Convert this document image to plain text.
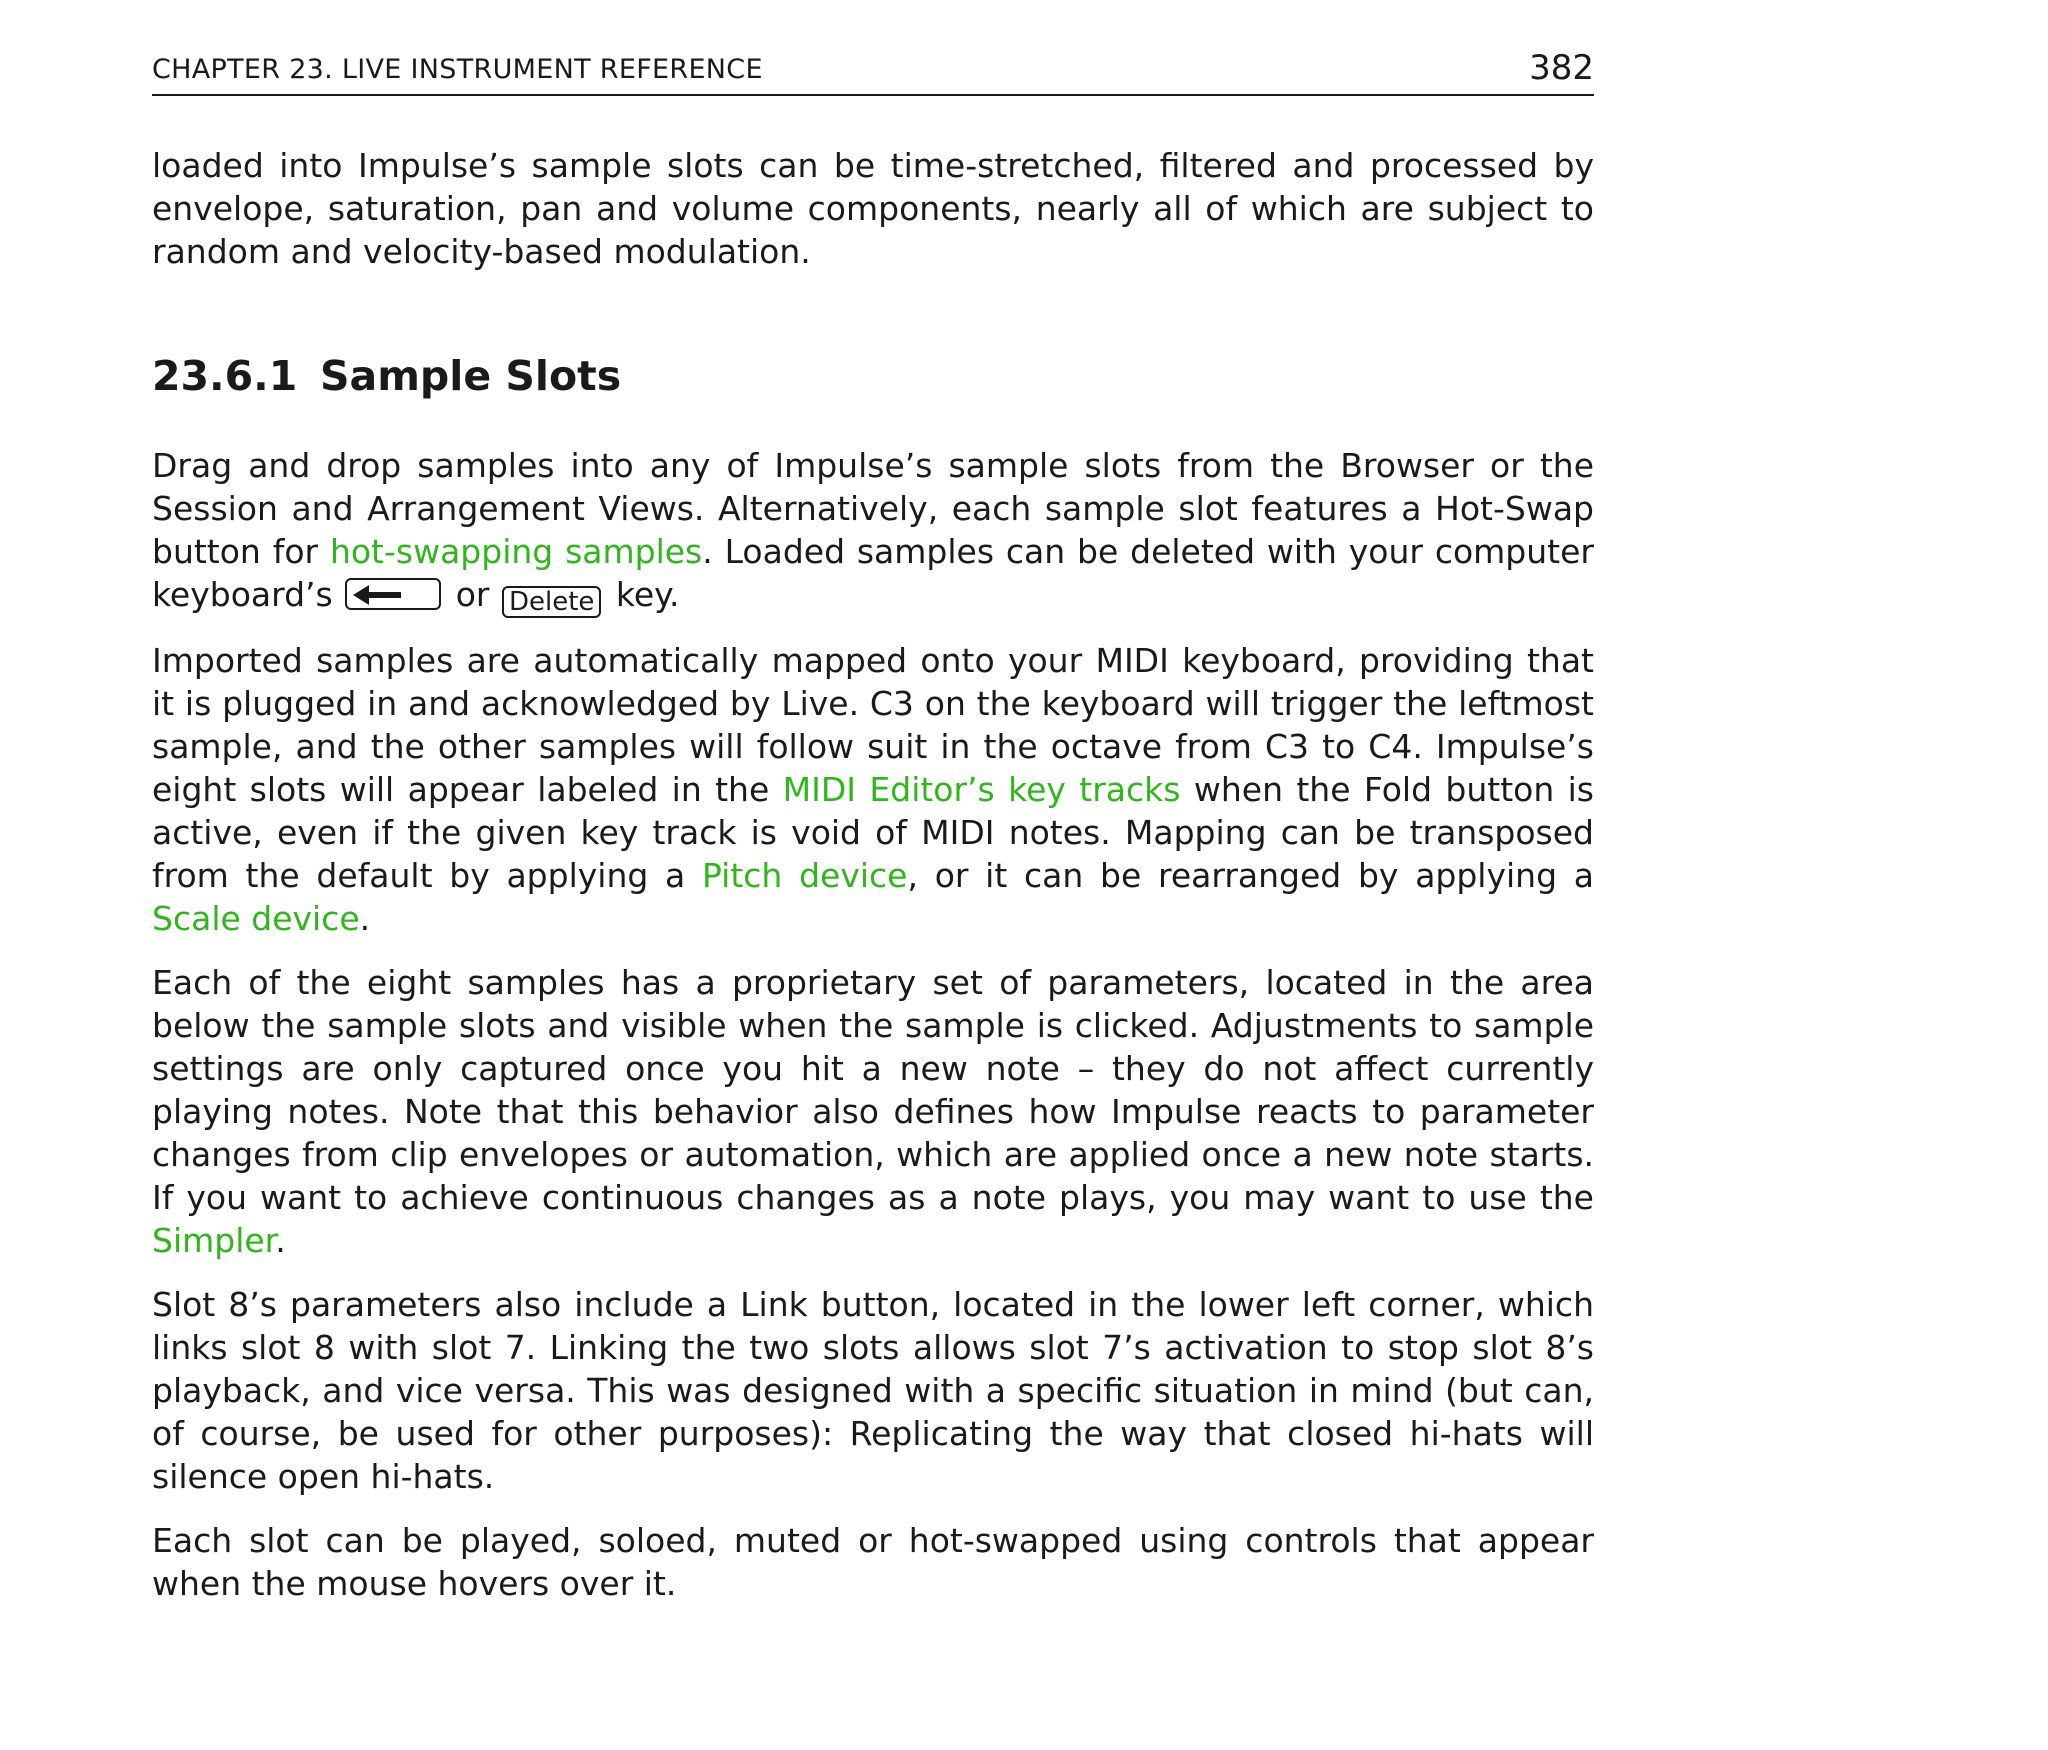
CHAPTER 23. LIVE INSTRUMENT REFERENCE	382

loaded into Impulse’s sample slots can be time-stretched, filtered and processed by envelope, saturation, pan and volume components, nearly all of which are subject to random and velocity-based modulation.

23.6.1 Sample Slots

Drag and drop samples into any of Impulse’s sample slots from the Browser or the Session and Arrangement Views. Alternatively, each sample slot features a Hot-Swap button for hot-swapping samples. Loaded samples can be deleted with your computer keyboard’s	or Delete key.

Imported samples are automatically mapped onto your MIDI keyboard, providing that it is plugged in and acknowledged by Live. C3 on the keyboard will trigger the leftmost sample, and the other samples will follow suit in the octave from C3 to C4. Impulse’s eight slots will appear labeled in the MIDI Editor’s key tracks when the Fold button is active, even if the given key track is void of MIDI notes. Mapping can be transposed from the default by applying a Pitch device, or it can be rearranged by applying a Scale device.

Each of the eight samples has a proprietary set of parameters, located in the area below the sample slots and visible when the sample is clicked. Adjustments to sample settings are only captured once you hit a new note – they do not affect currently playing notes. Note that this behavior also defines how Impulse reacts to parameter changes from clip envelopes or automation, which are applied once a new note starts. If you want to achieve continuous changes as a note plays, you may want to use the Simpler.

Slot 8’s parameters also include a Link button, located in the lower left corner, which links slot 8 with slot 7. Linking the two slots allows slot 7’s activation to stop slot 8’s playback, and vice versa. This was designed with a specific situation in mind (but can, of course, be used for other purposes): Replicating the way that closed hi-hats will silence open hi-hats.

Each slot can be played, soloed, muted or hot-swapped using controls that appear when the mouse hovers over it.
